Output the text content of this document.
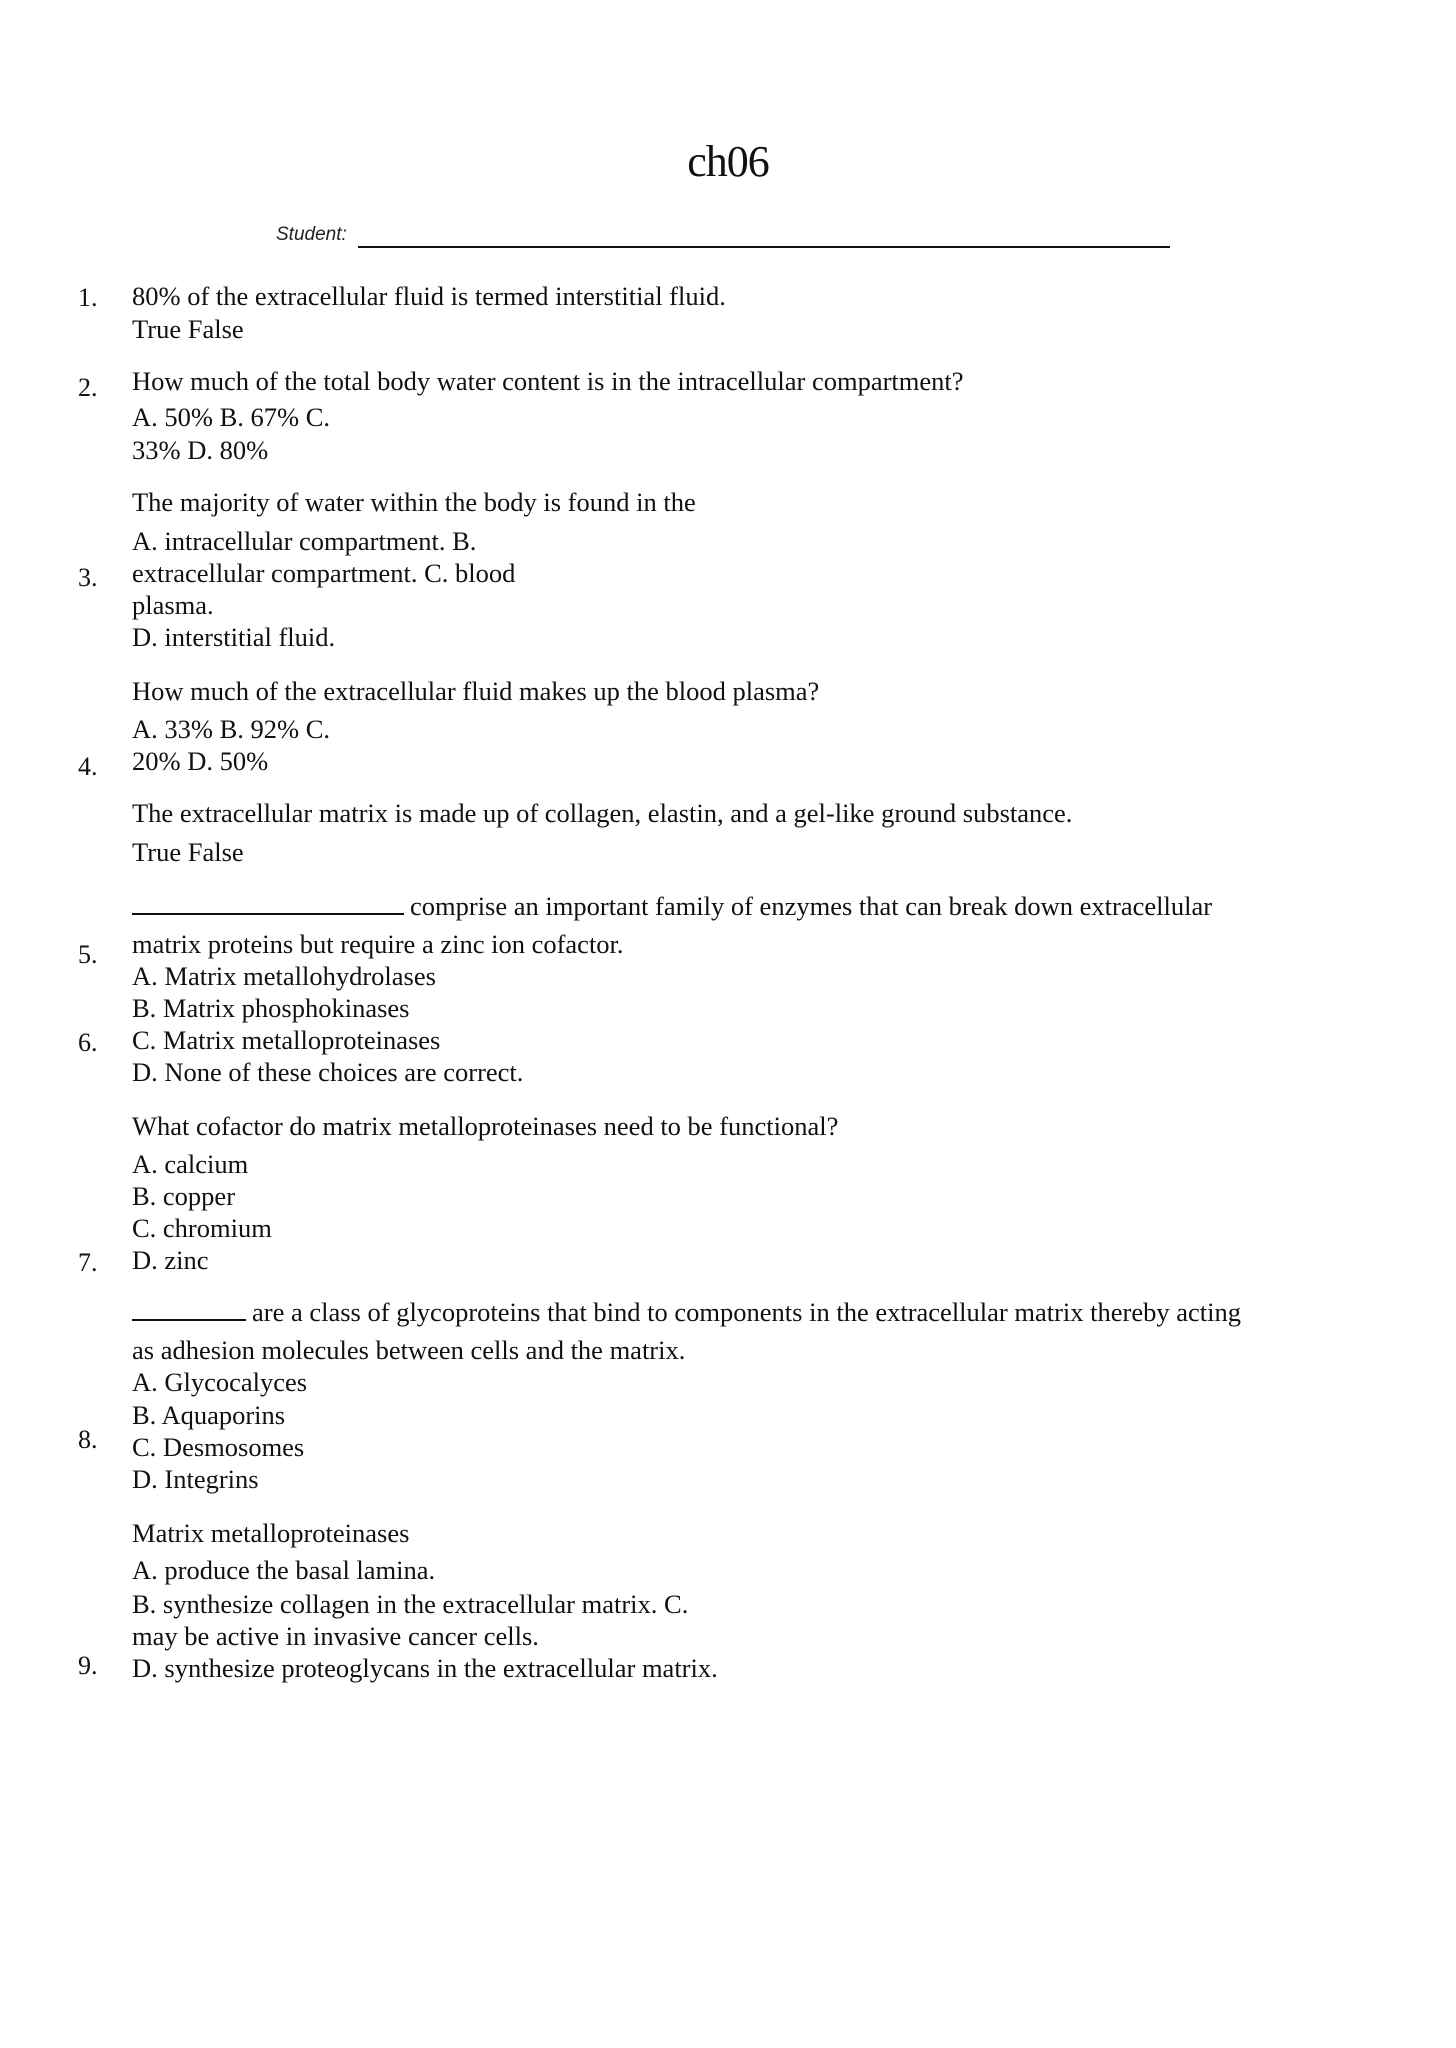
ch06
Student:
1. 80% of the extracellular fluid is termed interstitial fluid.
True False
2. How much of the total body water content is in the intracellular compartment?
A. 50% B. 67% C.
33% D. 80%
3.
The majority of water within the body is found in the
A. intracellular compartment. B.
extracellular compartment. C. blood
plasma.
D. interstitial fluid.
4.
How much of the extracellular fluid makes up the blood plasma?
A. 33% B. 92% C.
20% D. 50%
5.
The extracellular matrix is made up of collagen, elastin, and a gel-like ground substance.
True False
6.
comprise an important family of enzymes that can break down extracellular
matrix proteins but require a zinc ion cofactor.
A. Matrix metallohydrolases
B. Matrix phosphokinases
C. Matrix metalloproteinases
D. None of these choices are correct.
7.
What cofactor do matrix metalloproteinases need to be functional?
A. calcium
B. copper
C. chromium
D. zinc
8.
are a class of glycoproteins that bind to components in the extracellular matrix thereby acting
as adhesion molecules between cells and the matrix.
A. Glycocalyces
B. Aquaporins
C. Desmosomes
D. Integrins
9.
Matrix metalloproteinases
A. produce the basal lamina.
B. synthesize collagen in the extracellular matrix. C.
may be active in invasive cancer cells.
D. synthesize proteoglycans in the extracellular matrix.
